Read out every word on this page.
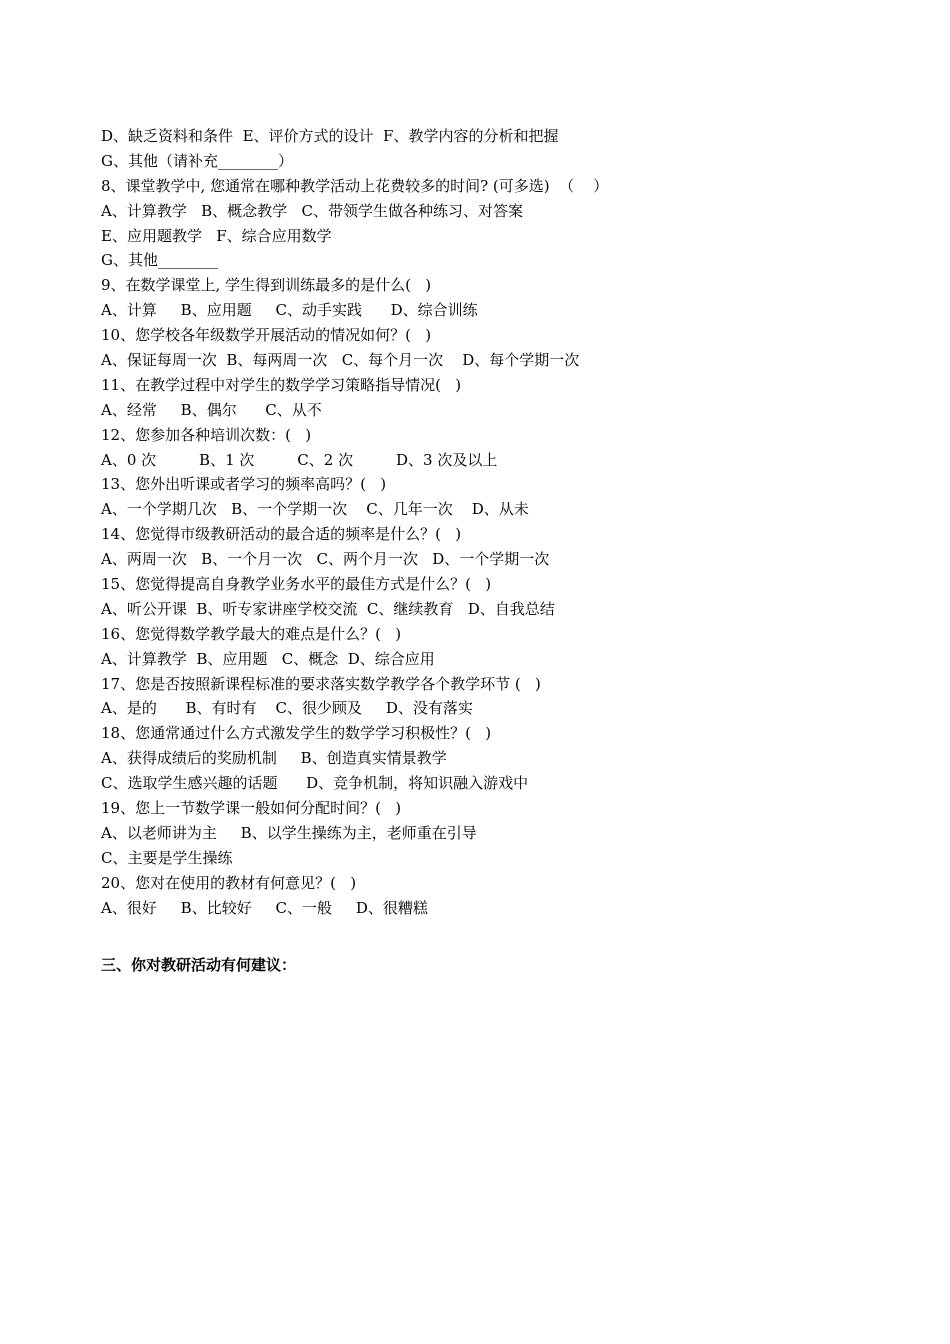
D、缺乏资料和条件  E、评价方式的设计  F、教学内容的分析和把握
G、其他（请补充________）
8、课堂教学中, 您通常在哪种教学活动上花费较多的时间? (可多选)  （    ）
A、计算教学   B、概念教学   C、带领学生做各种练习、对答案
E、应用题教学   F、综合应用数学
G、其他________
9、在数学课堂上, 学生得到训练最多的是什么(   )
A、计算     B、应用题     C、动手实践      D、综合训练
10、您学校各年级数学开展活动的情况如何？(   )
A、保证每周一次  B、每两周一次   C、每个月一次    D、每个学期一次
11、在教学过程中对学生的数学学习策略指导情况(   )
A、经常     B、偶尔      C、从不
12、您参加各种培训次数：(   )
A、0 次         B、1 次         C、2 次         D、3 次及以上
13、您外出听课或者学习的频率高吗？(   )
A、一个学期几次   B、一个学期一次    C、几年一次    D、从未
14、您觉得市级教研活动的最合适的频率是什么？(   )
A、两周一次   B、一个月一次   C、两个月一次   D、一个学期一次
15、您觉得提高自身教学业务水平的最佳方式是什么？(   )
A、听公开课  B、听专家讲座学校交流  C、继续教育   D、自我总结
16、您觉得数学教学最大的难点是什么？(   )
A、计算教学  B、应用题   C、概念  D、综合应用
17、您是否按照新课程标准的要求落实数学教学各个教学环节 (   )
A、是的      B、有时有    C、很少顾及     D、没有落实
18、您通常通过什么方式激发学生的数学学习积极性？(   )
A、获得成绩后的奖励机制     B、创造真实情景教学
C、选取学生感兴趣的话题      D、竞争机制，将知识融入游戏中
19、您上一节数学课一般如何分配时间？(   )
A、以老师讲为主     B、以学生操练为主，老师重在引导
C、主要是学生操练
20、您对在使用的教材有何意见？(   )
A、很好     B、比较好     C、一般     D、很糟糕
三、你对教研活动有何建议：
